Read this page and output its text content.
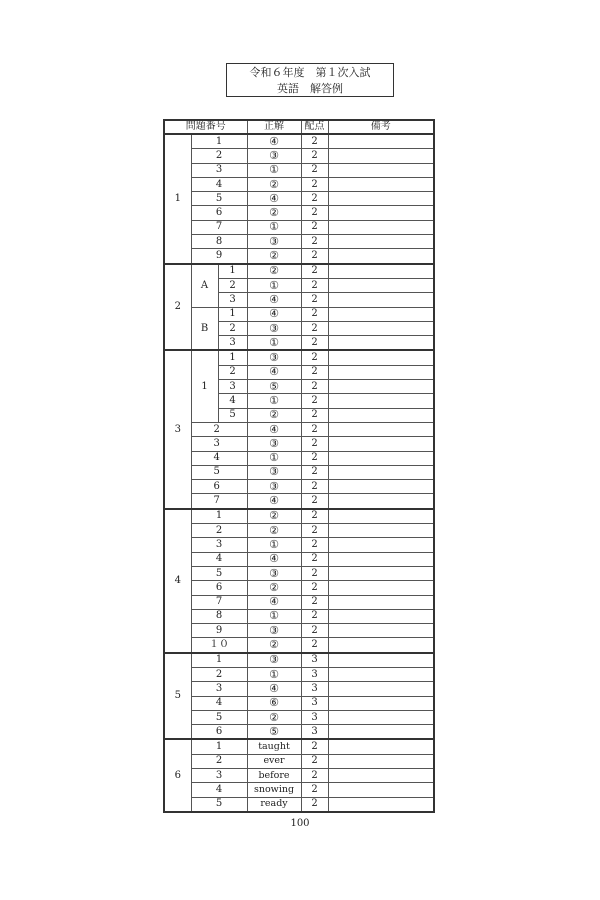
令和６年度　第１次入試
英語　解答例
問題番号			正解	配点	備考
1	1		④	2	
	2		③	2	
	3		①	2	
	4		②	2	
	5		④	2	
	6		②	2	
	7		①	2	
	8		③	2	
	9		②	2	
2	A	1	②	2	
		2	①	2	
		3	④	2	
	B	1	④	2	
		2	③	2	
		3	①	2	
3	1	1	③	2	
		2	④	2	
		3	⑤	2	
		4	①	2	
		5	②	2	
	2		④	2	
	3		③	2	
	4		①	2	
	5		③	2	
	6		③	2	
	7		④	2	
4	1		②	2	
	2		②	2	
	3		①	2	
	4		④	2	
	5		③	2	
	6		②	2	
	7		④	2	
	8		①	2	
	9		③	2	
	１０		②	2	
5	1		③	3	
	2		①	3	
	3		④	3	
	4		⑥	3	
	5		②	3	
	6		⑤	3	
6	1		taught	2	
	2		ever	2	
	3		before	2	
	4		snowing	2	
	5		ready	2	
100
